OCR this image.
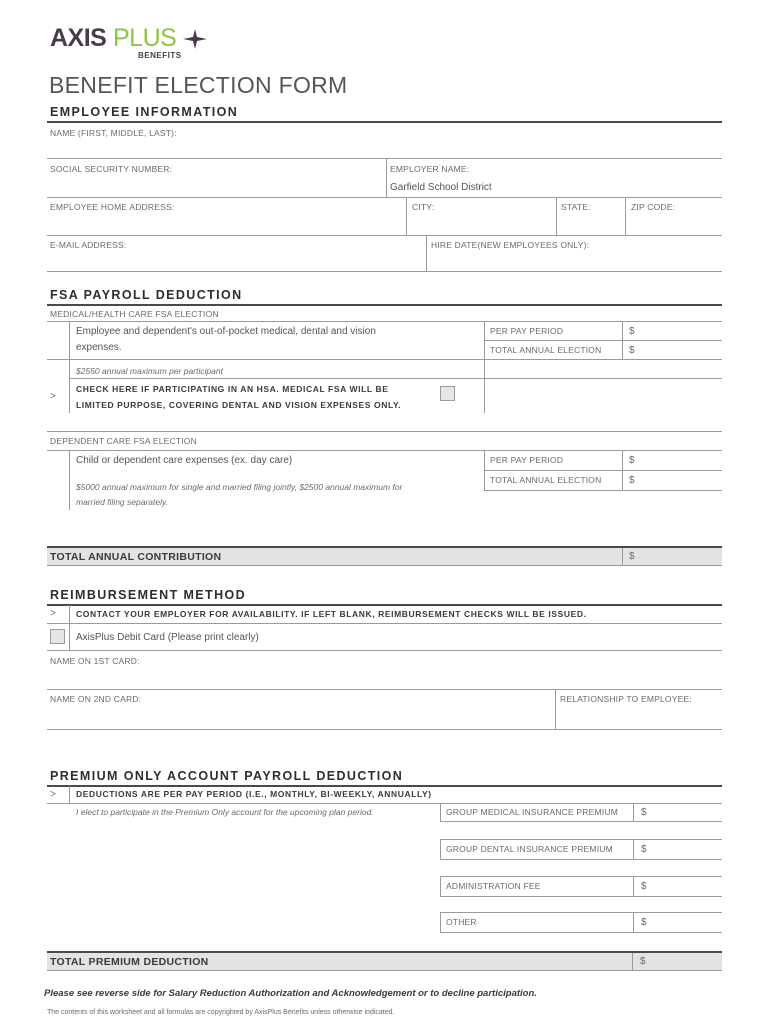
AXIS PLUS
BENEFITS
BENEFIT ELECTION FORM
EMPLOYEE INFORMATION
NAME (FIRST, MIDDLE, LAST):
SOCIAL SECURITY NUMBER:	EMPLOYER NAME:
Garfield School District
EMPLOYEE HOME ADDRESS:	CITY:	STATE:	ZIP CODE:
E-MAIL ADDRESS:	HIRE DATE(NEW EMPLOYEES ONLY):
FSA PAYROLL DEDUCTION
MEDICAL/HEALTH CARE FSA ELECTION
Employee and dependent's out-of-pocket medical, dental and vision
expenses.
PER PAY PERIOD	$
TOTAL ANNUAL ELECTION	$
$2550 annual maximum per participant
>
CHECK HERE IF PARTICIPATING IN AN HSA. MEDICAL FSA WILL BE
LIMITED PURPOSE, COVERING DENTAL AND VISION EXPENSES ONLY.
DEPENDENT CARE FSA ELECTION
Child or dependent care expenses (ex. day care)	PER PAY PERIOD	$
TOTAL ANNUAL ELECTION	$
$5000 annual maximum for single and married filing jointly, $2500 annual maximum for
married filing separately.
TOTAL ANNUAL CONTRIBUTION	$
REIMBURSEMENT METHOD
> CONTACT YOUR EMPLOYER FOR AVAILABILITY. IF LEFT BLANK, REIMBURSEMENT CHECKS WILL BE ISSUED.
AxisPlus Debit Card (Please print clearly)
NAME ON 1ST CARD:
NAME ON 2ND CARD:	RELATIONSHIP TO EMPLOYEE:
PREMIUM ONLY ACCOUNT PAYROLL DEDUCTION
> DEDUCTIONS ARE PER PAY PERIOD (I.E., MONTHLY, BI-WEEKLY, ANNUALLY)
I elect to participate in the Premium Only account for the upcoming plan period.	GROUP MEDICAL INSURANCE PREMIUM $
GROUP DENTAL INSURANCE PREMIUM	$
ADMINISTRATION FEE	$
OTHER	$
TOTAL PREMIUM DEDUCTION	$
Please see reverse side for Salary Reduction Authorization and Acknowledgement or to decline participation.
The contents of this worksheet and all formulas are copyrighted by AxisPlus Benefits unless otherwise indicated.
